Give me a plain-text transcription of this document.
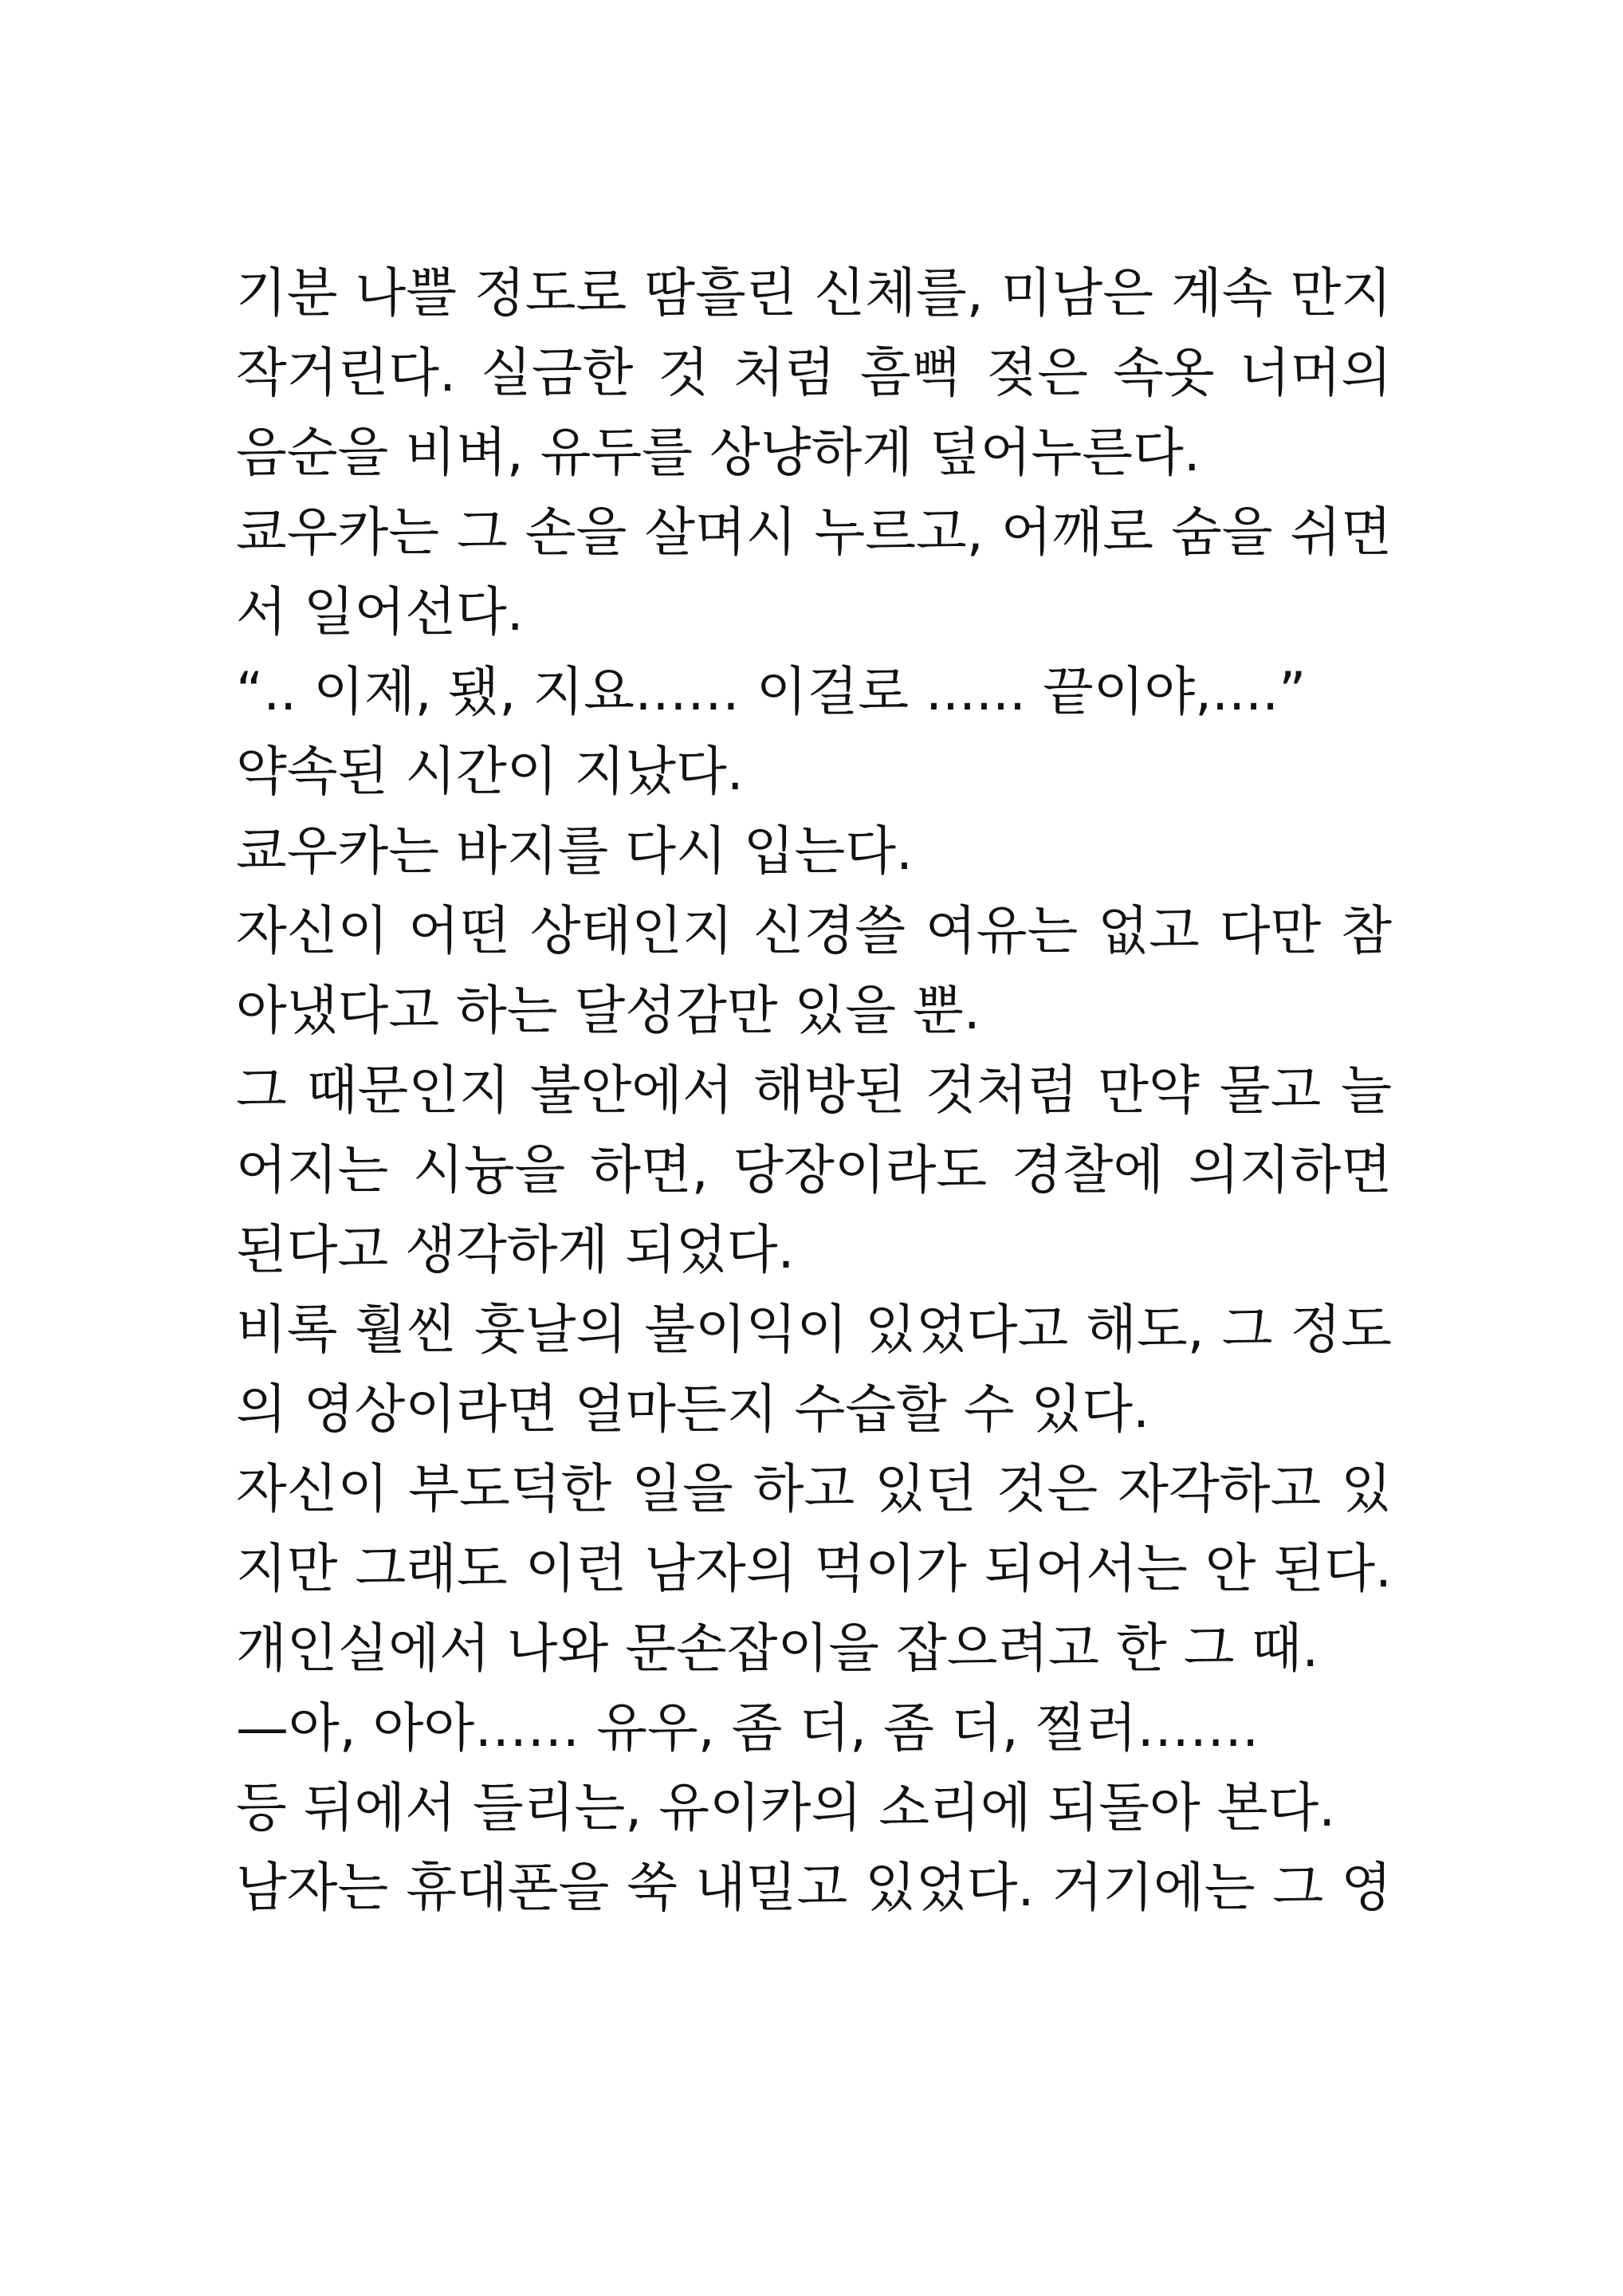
기분 나쁠 정도로 땀흘린 신체를, 미남은 계속 만지
작거린다. 실금한 것 처럼 흠뻑 젖은 속옷 너머의
음순을 비벼, 유두를 상냥하게 덮어누른다.
쿄우카는 그 손을 살며시 누르고, 어깨로 숨을 쉬면
서 일어선다.
“.. 이제, 됐, 지요…… 이걸로 ...... 끝이야,....”
약속된 시간이 지났다.
쿄우카는 바지를 다시 입는다.
자신이 어떤 상태인지 신경쓸 여유는 없고 다만 참
아냈다고 하는 달성감만 있을 뿐.
그 때문인지 불안에서 해방된 것처럼 만약 물고 늘
어지는 시늉을 하면, 당장이라도 경찰에 의지하면
된다고 생각하게 되었다.
비록 훨씬 훗날의 불이익이 있었다고 해도, 그 정도
의 영상이라면 얼마든지 수습할 수 있다.
자신이 부도덕한 일을 하고 있던 것은 자각하고 있
지만 그래도 이런 남자의 먹이가 되어서는 안 된다.
개인실에서 나와 문손잡이을 잡으려고 한 그 때.
—아, 아아…… 유우, 좀 더, 좀 더, 찔러…….
등 뒤에서 들리는, 유이카의 소리에 되돌아 본다.
남자는 휴대폰을 쑥 내밀고 있었다. 거기에는 그 영
